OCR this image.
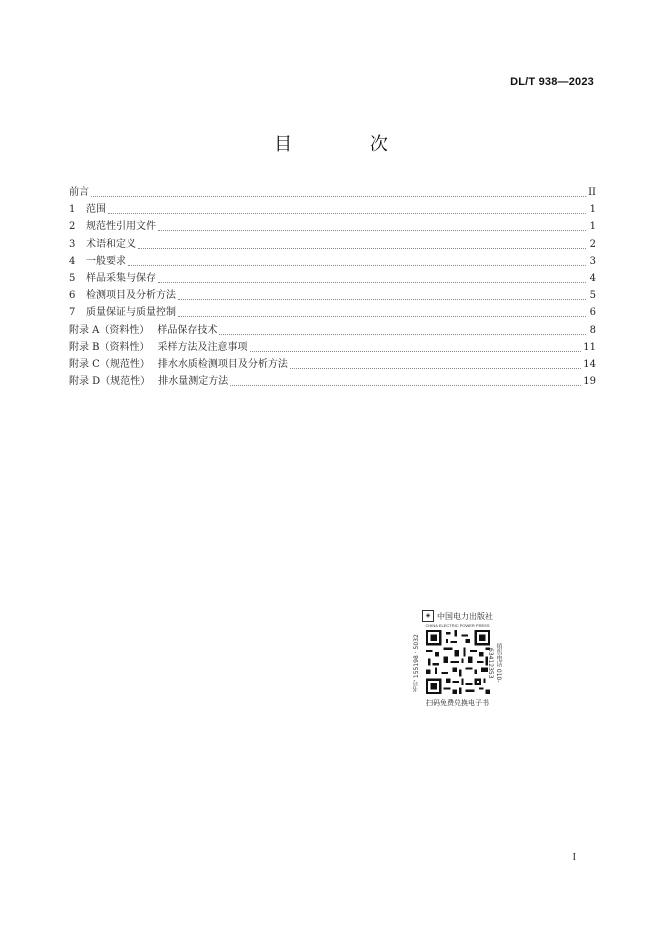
DL/T 938—2023
目 次
前言	II
1	范围	1
2	规范性引用文件	1
3	术语和定义	2
4	一般要求	3
5	样品采集与保存	4
6	检测项目及分析方法	5
7	质量保证与质量控制	6
附录 A（资料性） 样品保存技术	8
附录 B（资料性） 采样方法及注意事项	11
附录 C（规范性） 排水水质检测项目及分析方法	14
附录 D（规范性） 排水量测定方法	19
◈ 中国电力出版社
CHINA ELECTRIC POWER PRESS
书号 155198 · 5032	销售电话 010-63412353
扫码免费兑换电子书
I
